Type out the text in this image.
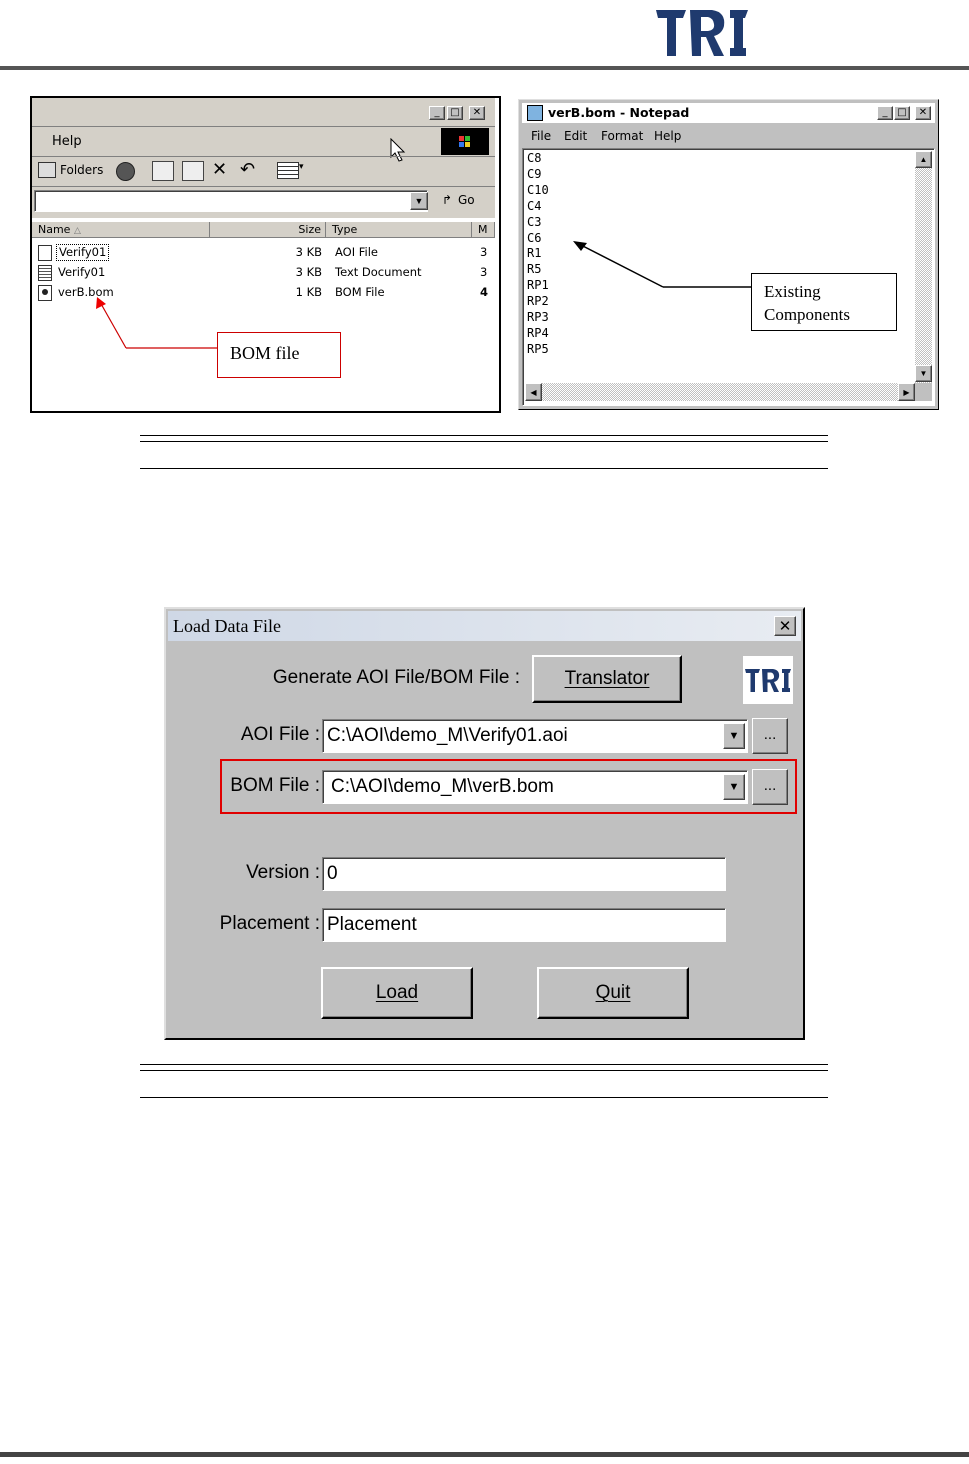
_	□	✕
Help
Folders	✕ ↶	▾
▼	↱ Go
Name △	Size	Type	M
Verify01	3 KB AOI File	3
Verify01	3 KB Text Document	3
verB.bom	1 KB BOM File	4
BOM file
verB.bom - Notepad	_ □	✕
File Edit Format Help
C8
C9
C10
C4
C3
C6
R1
R5
RP1
RP2
RP3
RP4
RP5
▲
▼
◀	▶
Existing
Components
Load Data File	✕
Generate AOI File/BOM File :	Translator
AOI File : C:\AOI\demo_M\Verify01.aoi	▼	...
BOM File : C:\AOI\demo_M\verB.bom	▼	...
Version : 0
Placement : Placement
Load	Quit
